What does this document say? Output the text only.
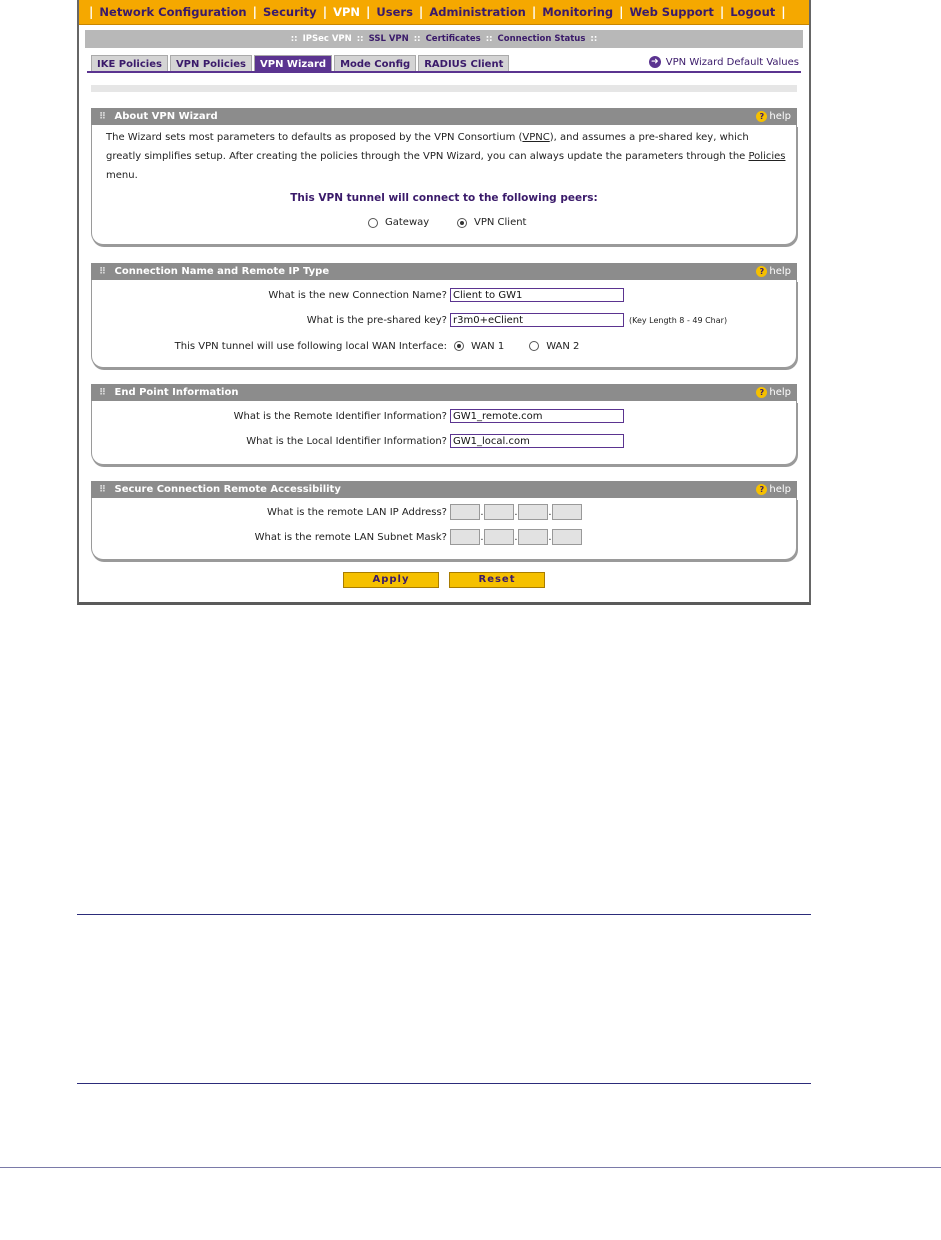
| Network Configuration | Security | VPN | Users | Administration | Monitoring | Web Support | Logout |
:: IPSec VPN :: SSL VPN :: Certificates :: Connection Status ::
IKE Policies	VPN Policies	VPN Wizard	Mode Config	RADIUS Client	➜ VPN Wizard Default Values
⠿ About VPN Wizard	? help
The Wizard sets most parameters to defaults as proposed by the VPN Consortium (VPNC), and assumes a pre-shared key, which greatly simplifies setup. After creating the policies through the VPN Wizard, you can always update the parameters through the Policies menu.
This VPN tunnel will connect to the following peers:
Gateway	VPN Client
⠿ Connection Name and Remote IP Type	? help
What is the new Connection Name?
Client to GW1
What is the pre-shared key?
r3m0+eClient	(Key Length 8 - 49 Char)
This VPN tunnel will use following local WAN Interface:	WAN 1	WAN 2
⠿ End Point Information	? help
What is the Remote Identifier Information?
GW1_remote.com
What is the Local Identifier Information?
GW1_local.com
⠿ Secure Connection Remote Accessibility	? help
What is the remote LAN IP Address?	.	.	.
What is the remote LAN Subnet Mask?	.	.	.
Apply	Reset
